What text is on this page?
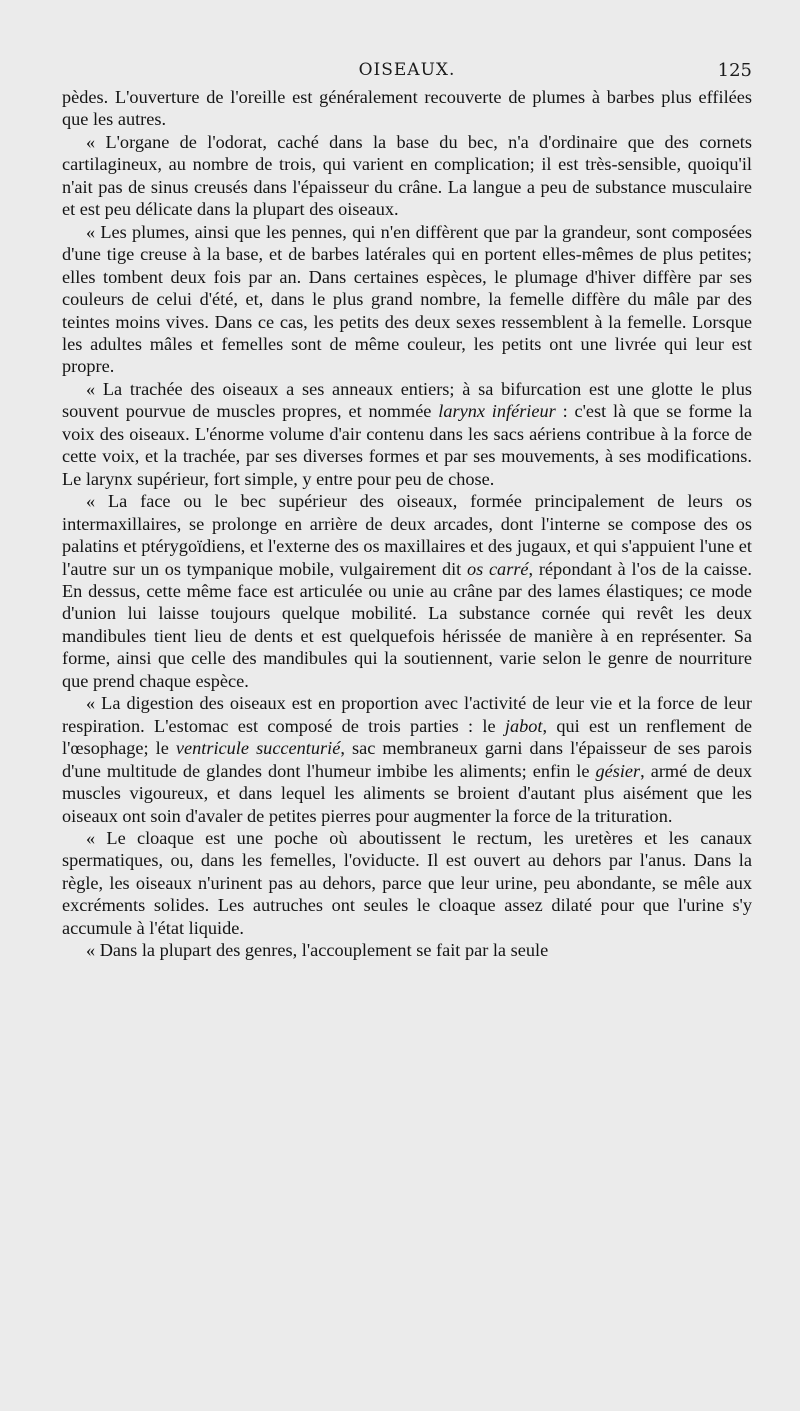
OISEAUX.	125

pèdes. L'ouverture de l'oreille est généralement recouverte de plumes à barbes plus effilées que les autres.

« L'organe de l'odorat, caché dans la base du bec, n'a d'ordinaire que des cornets cartilagineux, au nombre de trois, qui varient en complication; il est très-sensible, quoiqu'il n'ait pas de sinus creusés dans l'épaisseur du crâne. La langue a peu de substance musculaire et est peu délicate dans la plupart des oiseaux.

« Les plumes, ainsi que les pennes, qui n'en diffèrent que par la grandeur, sont composées d'une tige creuse à la base, et de barbes latérales qui en portent elles-mêmes de plus petites; elles tombent deux fois par an. Dans certaines espèces, le plumage d'hiver diffère par ses couleurs de celui d'été, et, dans le plus grand nombre, la femelle diffère du mâle par des teintes moins vives. Dans ce cas, les petits des deux sexes ressemblent à la femelle. Lorsque les adultes mâles et femelles sont de même couleur, les petits ont une livrée qui leur est propre.

« La trachée des oiseaux a ses anneaux entiers; à sa bifurcation est une glotte le plus souvent pourvue de muscles propres, et nommée larynx inférieur : c'est là que se forme la voix des oiseaux. L'énorme volume d'air contenu dans les sacs aériens contribue à la force de cette voix, et la trachée, par ses diverses formes et par ses mouvements, à ses modifications. Le larynx supérieur, fort simple, y entre pour peu de chose.

« La face ou le bec supérieur des oiseaux, formée principalement de leurs os intermaxillaires, se prolonge en arrière de deux arcades, dont l'interne se compose des os palatins et ptérygoïdiens, et l'externe des os maxillaires et des jugaux, et qui s'appuient l'une et l'autre sur un os tympanique mobile, vulgairement dit os carré, répondant à l'os de la caisse. En dessus, cette même face est articulée ou unie au crâne par des lames élastiques; ce mode d'union lui laisse toujours quelque mobilité. La substance cornée qui revêt les deux mandibules tient lieu de dents et est quelquefois hérissée de manière à en représenter. Sa forme, ainsi que celle des mandibules qui la soutiennent, varie selon le genre de nourriture que prend chaque espèce.

« La digestion des oiseaux est en proportion avec l'activité de leur vie et la force de leur respiration. L'estomac est composé de trois parties : le jabot, qui est un renflement de l'œsophage; le ventricule succenturié, sac membraneux garni dans l'épaisseur de ses parois d'une multitude de glandes dont l'humeur imbibe les aliments; enfin le gésier, armé de deux muscles vigoureux, et dans lequel les aliments se broient d'autant plus aisément que les oiseaux ont soin d'avaler de petites pierres pour augmenter la force de la trituration.

« Le cloaque est une poche où aboutissent le rectum, les uretères et les canaux spermatiques, ou, dans les femelles, l'oviducte. Il est ouvert au dehors par l'anus. Dans la règle, les oiseaux n'urinent pas au dehors, parce que leur urine, peu abondante, se mêle aux excréments solides. Les autruches ont seules le cloaque assez dilaté pour que l'urine s'y accumule à l'état liquide.

« Dans la plupart des genres, l'accouplement se fait par la seule
